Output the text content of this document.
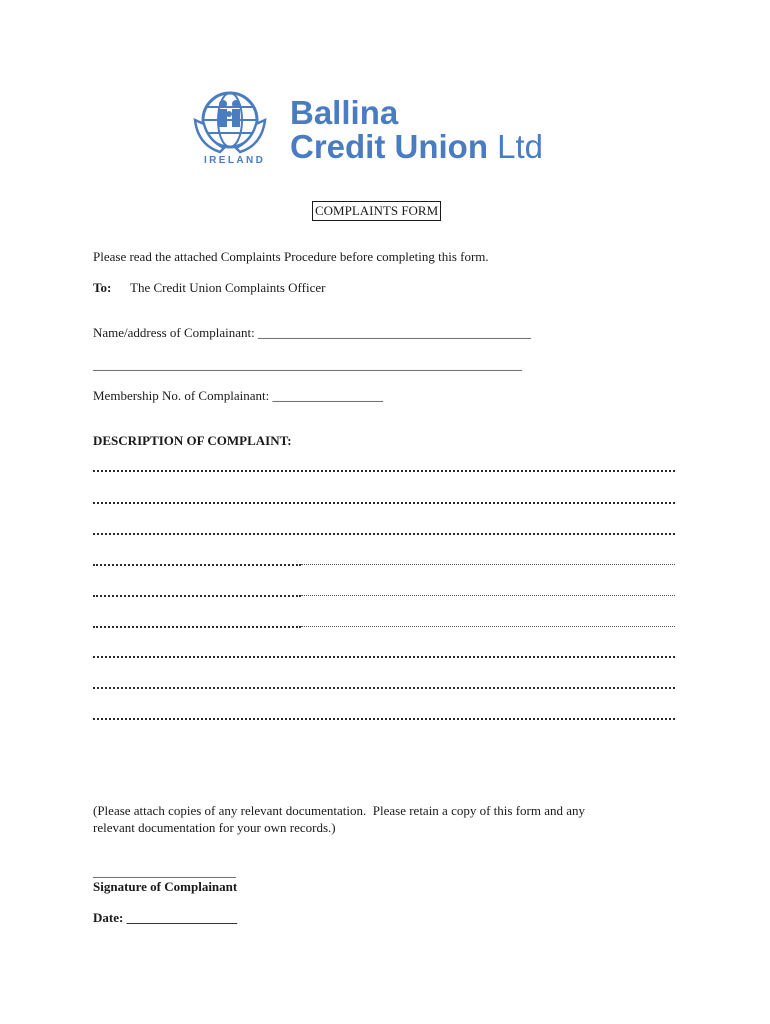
IRELAND
Ballina
Credit Union Ltd
COMPLAINTS FORM
Please read the attached Complaints Procedure before completing this form.
To: The Credit Union Complaints Officer
Name/address of Complainant: __________________________________________
__________________________________________________________________
Membership No. of Complainant: _________________
DESCRIPTION OF COMPLAINT:
(Please attach copies of any relevant documentation.  Please retain a copy of this form and any
relevant documentation for your own records.)
______________________
Signature of Complainant
Date: _________________
